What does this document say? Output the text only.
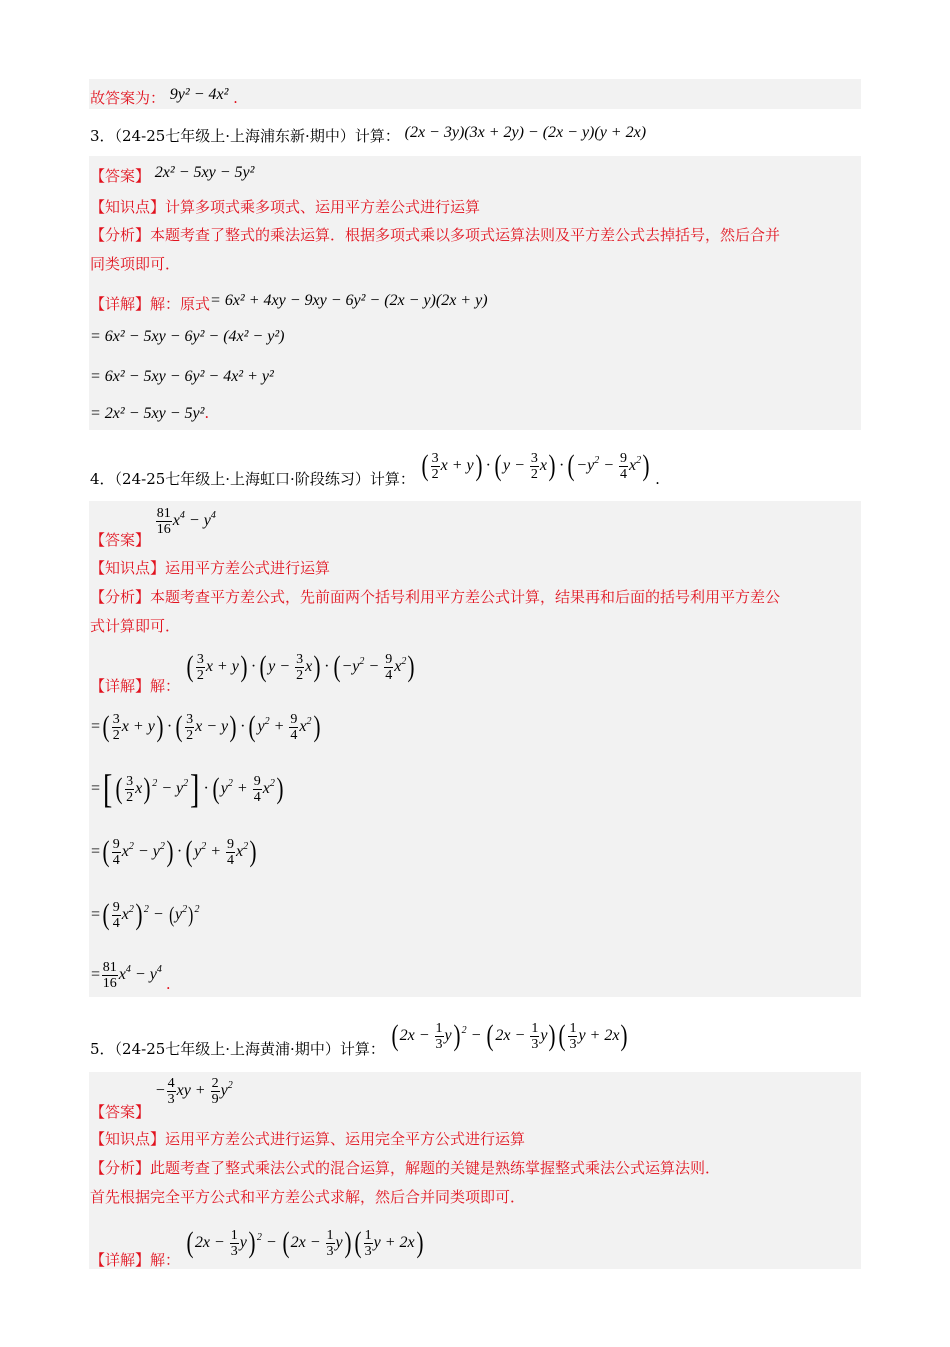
故答案为： 9y² − 4x² .
3．（24-25七年级上·上海浦东新·期中）计算： (2x − 3y)(3x + 2y) − (2x − y)(y + 2x)
【答案】 2x² − 5xy − 5y²
【知识点】计算多项式乘多项式、运用平方差公式进行运算
【分析】本题考查了整式的乘法运算．根据多项式乘以多项式运算法则及平方差公式去掉括号，然后合并
同类项即可．
【详解】解：原式= 6x² + 4xy − 9xy − 6y² − (2x − y)(2x + y)
= 6x² − 5xy − 6y² − (4x² − y²)
= 6x² − 5xy − 6y² − 4x² + y²
= 2x² − 5xy − 5y².
4．（24-25七年级上·上海虹口·阶段练习）计算： ( $\frac{3}{2}$ $x + y) \cdot (y - \frac{3}{2} x) \cdot (-y^2 - \frac{9}{4} x^2)$ .
【答案】
$\frac{81}{16} x^4 - y^4$
【知识点】运用平方差公式进行运算
【分析】本题考查平方差公式，先前面两个括号利用平方差公式计算，结果再和后面的括号利用平方差公
式计算即可．
【详解】解： ( $\frac{3}{2}$ $x + y) \cdot (y - \frac{3}{2} x) \cdot (-y^2 - \frac{9}{4} x^2)$
=( $\frac{3}{2}$ x + y) · ( $\frac{3}{2}$ $x - y) \cdot (y^2 + \frac{9}{4} x^2)$
=[ ( $\frac{3}{2} x$) $^2 - y^2] \cdot (y^2 + \frac{9}{4} x^2)$
=( $\frac{9}{4} x^2 - y^2) \cdot (y^2 + \frac{9}{4} x^2)$
=( $\frac{9}{4} x^2$) $^2 - (y^2)^2$
= $\frac{81}{16} x^4 - y^4$ .
5．（24-25七年级上·上海黄浦·期中）计算： $(2x - \frac{1}{3} y)$ $^2 - (2x - \frac{1}{3} y)$ ( $\frac{1}{3}$ y + 2x)
【答案】 − $\frac{4}{3}$ xy + $\frac{2}{9} y^2$
【知识点】运用平方差公式进行运算、运用完全平方公式进行运算
【分析】此题考查了整式乘法公式的混合运算，解题的关键是熟练掌握整式乘法公式运算法则．
首先根据完全平方公式和平方差公式求解，然后合并同类项即可．
【详解】解： $(2x - \frac{1}{3} y)$ $^2 - (2x - \frac{1}{3} y)$ ( $\frac{1}{3}$ y + 2x)
